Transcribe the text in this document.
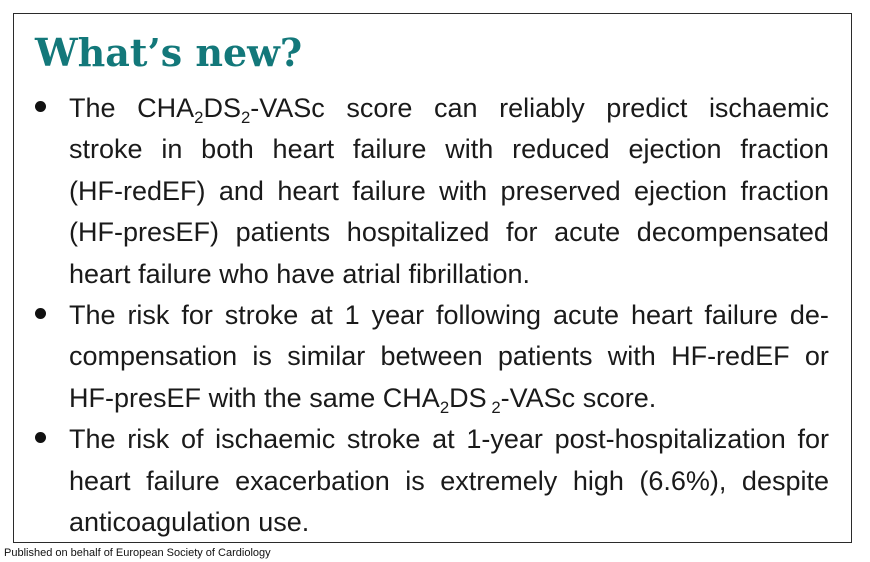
What’s new?
The $CHA_2DS_2$-VASc score can reliably predict ischaemic
stroke in both heart failure with reduced ejection fraction
(HF-redEF) and heart failure with preserved ejection fraction
(HF-presEF) patients hospitalized for acute decompensated
heart failure who have atrial fibrillation.
The risk for stroke at 1 year following acute heart failure de-
compensation is similar between patients with HF-redEF or
HF-presEF with the same $CHA_2DS$ $_2$-VASc score.
The risk of ischaemic stroke at 1-year post-hospitalization for
heart failure exacerbation is extremely high (6.6%), despite
anticoagulation use.
Published on behalf of European Society of Cardiology
